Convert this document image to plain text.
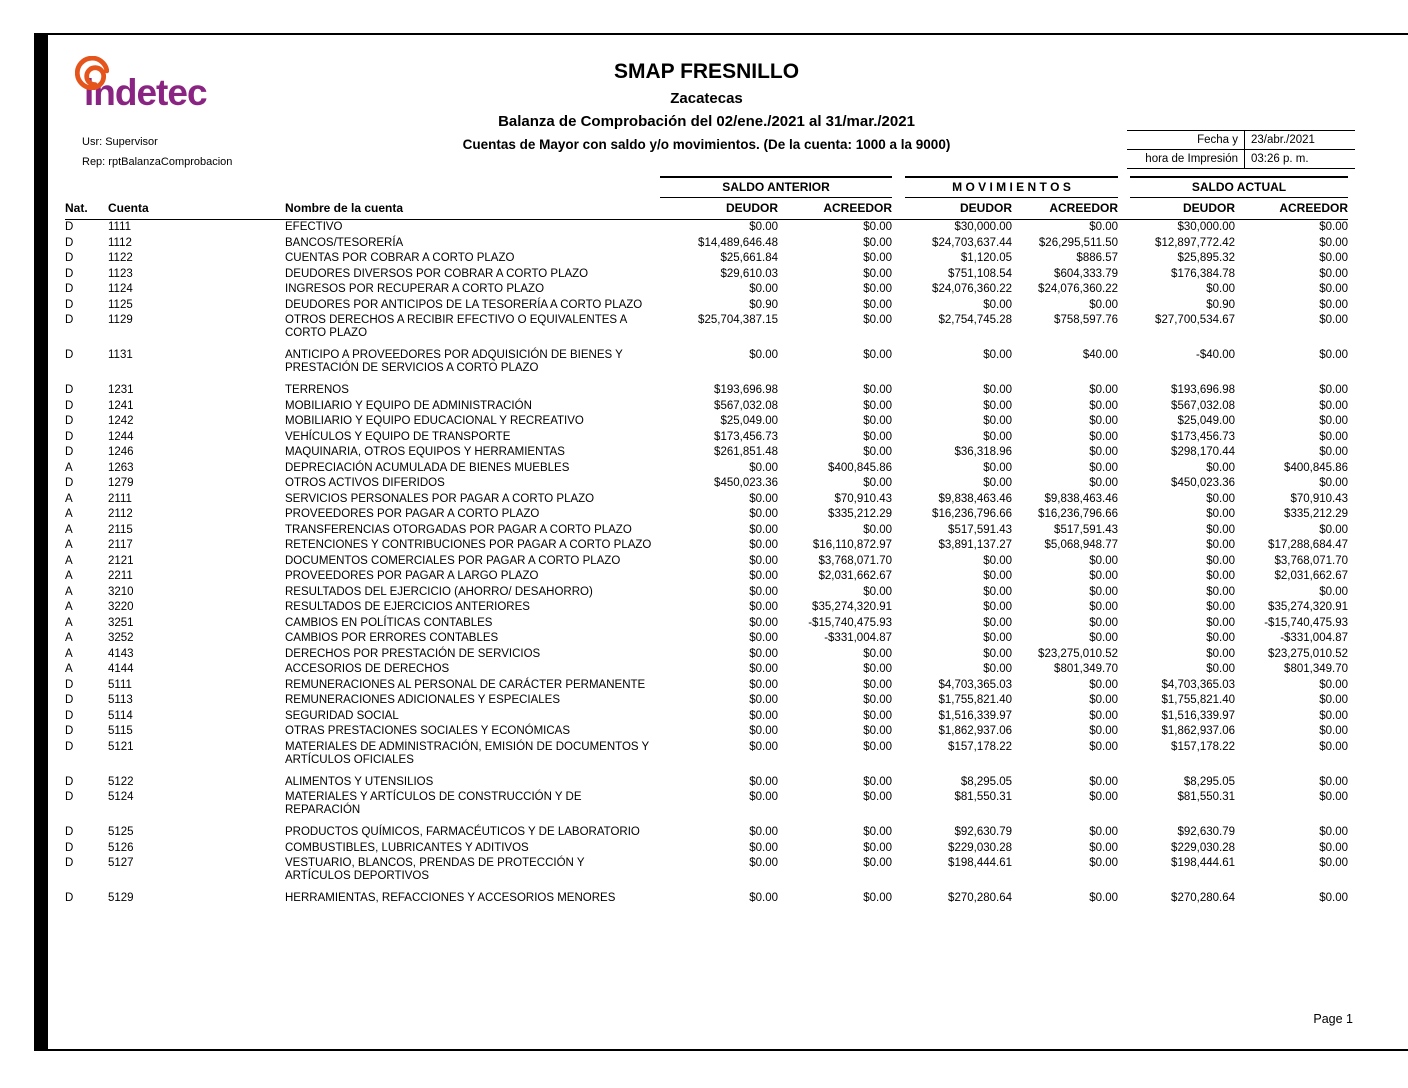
indetec
Usr: Supervisor
Rep: rptBalanzaComprobacion
SMAP FRESNILLO
Zacatecas
Balanza de Comprobación del 02/ene./2021 al 31/mar./2021
Cuentas de Mayor con saldo y/o movimientos. (De la cuenta: 1000 a la 9000)	Fecha y	23/abr./2021
hora de Impresión	03:26 p. m.
			SALDO ANTERIOR			M O V I M I E N T O S			SALDO ACTUAL	
Nat.	Cuenta	Nombre de la cuenta	DEUDOR	ACREEDOR		DEUDOR	ACREEDOR		DEUDOR	ACREEDOR
D	1111	EFECTIVO	$0.00	$0.00		$30,000.00	$0.00		$30,000.00	$0.00
D	1112	BANCOS/TESORERÍA	$14,489,646.48	$0.00		$24,703,637.44	$26,295,511.50		$12,897,772.42	$0.00
D	1122	CUENTAS POR COBRAR A CORTO PLAZO	$25,661.84	$0.00		$1,120.05	$886.57		$25,895.32	$0.00
D	1123	DEUDORES DIVERSOS POR COBRAR A CORTO PLAZO	$29,610.03	$0.00		$751,108.54	$604,333.79		$176,384.78	$0.00
D	1124	INGRESOS POR RECUPERAR A CORTO PLAZO	$0.00	$0.00		$24,076,360.22	$24,076,360.22		$0.00	$0.00
D	1125	DEUDORES POR ANTICIPOS DE LA TESORERÍA A CORTO PLAZO	$0.90	$0.00		$0.00	$0.00		$0.90	$0.00
D	1129	OTROS DERECHOS A RECIBIR EFECTIVO O EQUIVALENTES A CORTO PLAZO	$25,704,387.15	$0.00		$2,754,745.28	$758,597.76		$27,700,534.67	$0.00
D	1131	ANTICIPO A PROVEEDORES POR ADQUISICIÓN DE BIENES Y PRESTACIÓN DE SERVICIOS A CORTO PLAZO	$0.00	$0.00		$0.00	$40.00		-$40.00	$0.00
D	1231	TERRENOS	$193,696.98	$0.00		$0.00	$0.00		$193,696.98	$0.00
D	1241	MOBILIARIO Y EQUIPO DE ADMINISTRACIÓN	$567,032.08	$0.00		$0.00	$0.00		$567,032.08	$0.00
D	1242	MOBILIARIO Y EQUIPO EDUCACIONAL Y RECREATIVO	$25,049.00	$0.00		$0.00	$0.00		$25,049.00	$0.00
D	1244	VEHÍCULOS Y EQUIPO DE TRANSPORTE	$173,456.73	$0.00		$0.00	$0.00		$173,456.73	$0.00
D	1246	MAQUINARIA, OTROS EQUIPOS Y HERRAMIENTAS	$261,851.48	$0.00		$36,318.96	$0.00		$298,170.44	$0.00
A	1263	DEPRECIACIÓN ACUMULADA DE BIENES MUEBLES	$0.00	$400,845.86		$0.00	$0.00		$0.00	$400,845.86
D	1279	OTROS ACTIVOS DIFERIDOS	$450,023.36	$0.00		$0.00	$0.00		$450,023.36	$0.00
A	2111	SERVICIOS PERSONALES POR PAGAR A CORTO PLAZO	$0.00	$70,910.43		$9,838,463.46	$9,838,463.46		$0.00	$70,910.43
A	2112	PROVEEDORES POR PAGAR A CORTO PLAZO	$0.00	$335,212.29		$16,236,796.66	$16,236,796.66		$0.00	$335,212.29
A	2115	TRANSFERENCIAS OTORGADAS POR PAGAR A CORTO PLAZO	$0.00	$0.00		$517,591.43	$517,591.43		$0.00	$0.00
A	2117	RETENCIONES Y CONTRIBUCIONES POR PAGAR A CORTO PLAZO	$0.00	$16,110,872.97		$3,891,137.27	$5,068,948.77		$0.00	$17,288,684.47
A	2121	DOCUMENTOS COMERCIALES POR PAGAR A CORTO PLAZO	$0.00	$3,768,071.70		$0.00	$0.00		$0.00	$3,768,071.70
A	2211	PROVEEDORES POR PAGAR A LARGO PLAZO	$0.00	$2,031,662.67		$0.00	$0.00		$0.00	$2,031,662.67
A	3210	RESULTADOS DEL EJERCICIO (AHORRO/ DESAHORRO)	$0.00	$0.00		$0.00	$0.00		$0.00	$0.00
A	3220	RESULTADOS DE EJERCICIOS ANTERIORES	$0.00	$35,274,320.91		$0.00	$0.00		$0.00	$35,274,320.91
A	3251	CAMBIOS EN POLÍTICAS CONTABLES	$0.00	-$15,740,475.93		$0.00	$0.00		$0.00	-$15,740,475.93
A	3252	CAMBIOS POR ERRORES CONTABLES	$0.00	-$331,004.87		$0.00	$0.00		$0.00	-$331,004.87
A	4143	DERECHOS POR PRESTACIÓN DE SERVICIOS	$0.00	$0.00		$0.00	$23,275,010.52		$0.00	$23,275,010.52
A	4144	ACCESORIOS DE DERECHOS	$0.00	$0.00		$0.00	$801,349.70		$0.00	$801,349.70
D	5111	REMUNERACIONES AL PERSONAL DE CARÁCTER PERMANENTE	$0.00	$0.00		$4,703,365.03	$0.00		$4,703,365.03	$0.00
D	5113	REMUNERACIONES ADICIONALES Y ESPECIALES	$0.00	$0.00		$1,755,821.40	$0.00		$1,755,821.40	$0.00
D	5114	SEGURIDAD SOCIAL	$0.00	$0.00		$1,516,339.97	$0.00		$1,516,339.97	$0.00
D	5115	OTRAS PRESTACIONES SOCIALES Y ECONÓMICAS	$0.00	$0.00		$1,862,937.06	$0.00		$1,862,937.06	$0.00
D	5121	MATERIALES DE ADMINISTRACIÓN, EMISIÓN DE DOCUMENTOS Y ARTÍCULOS OFICIALES	$0.00	$0.00		$157,178.22	$0.00		$157,178.22	$0.00
D	5122	ALIMENTOS Y UTENSILIOS	$0.00	$0.00		$8,295.05	$0.00		$8,295.05	$0.00
D	5124	MATERIALES Y ARTÍCULOS DE CONSTRUCCIÓN Y DE REPARACIÓN	$0.00	$0.00		$81,550.31	$0.00		$81,550.31	$0.00
D	5125	PRODUCTOS QUÍMICOS, FARMACÉUTICOS Y DE LABORATORIO	$0.00	$0.00		$92,630.79	$0.00		$92,630.79	$0.00
D	5126	COMBUSTIBLES, LUBRICANTES Y ADITIVOS	$0.00	$0.00		$229,030.28	$0.00		$229,030.28	$0.00
D	5127	VESTUARIO, BLANCOS, PRENDAS DE PROTECCIÓN Y ARTÍCULOS DEPORTIVOS	$0.00	$0.00		$198,444.61	$0.00		$198,444.61	$0.00
D	5129	HERRAMIENTAS, REFACCIONES Y ACCESORIOS MENORES	$0.00	$0.00		$270,280.64	$0.00		$270,280.64	$0.00
Page 1
